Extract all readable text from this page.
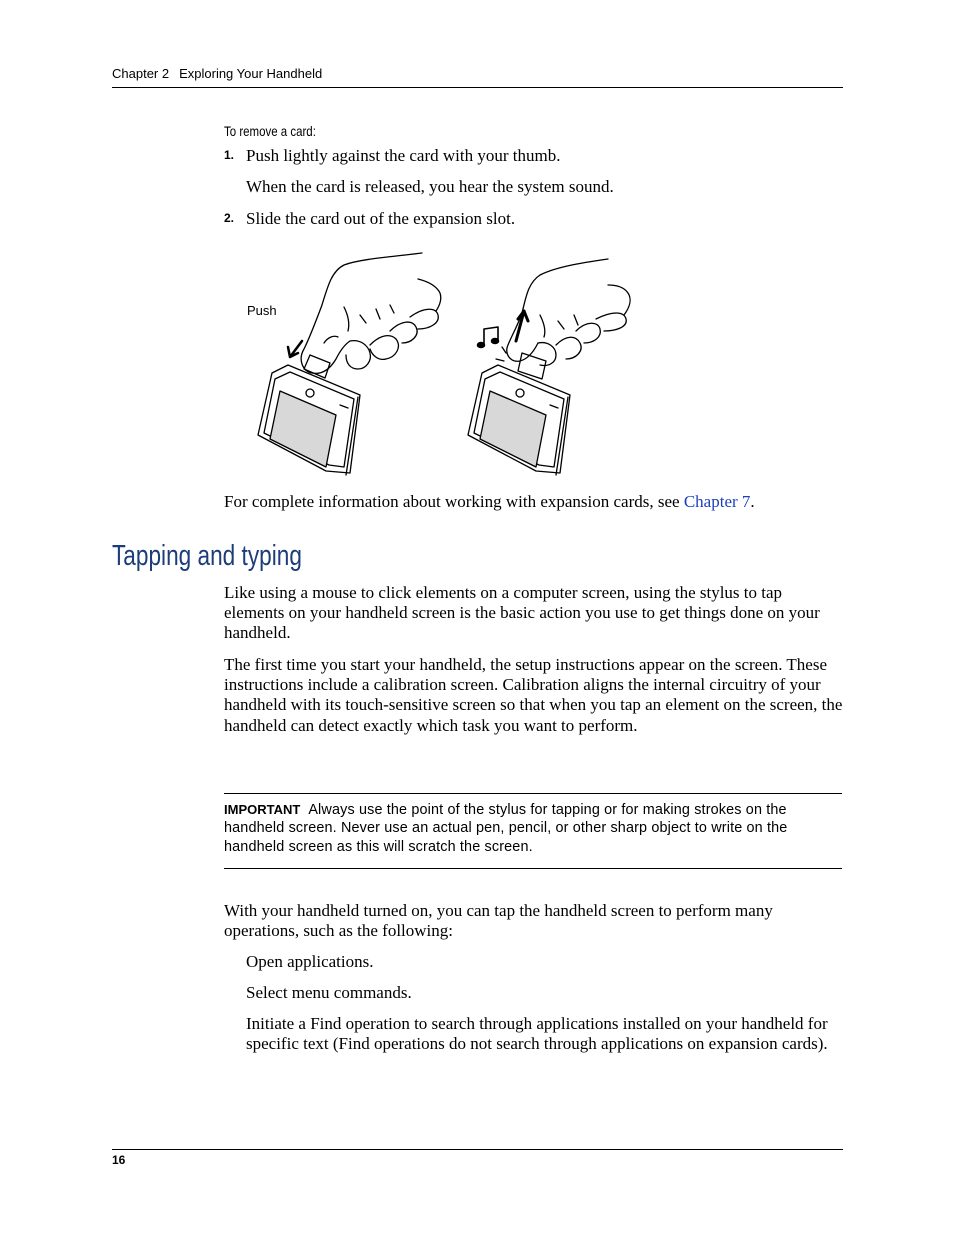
Chapter 2 Exploring Your Handheld
To remove a card:
1. Push lightly against the card with your thumb.
When the card is released, you hear the system sound.
2. Slide the card out of the expansion slot.
Push
For complete information about working with expansion cards, see Chapter 7.
Tapping and typing
Like using a mouse to click elements on a computer screen, using the stylus to tap elements on your handheld screen is the basic action you use to get things done on your handheld.
The first time you start your handheld, the setup instructions appear on the screen. These instructions include a calibration screen. Calibration aligns the internal circuitry of your handheld with its touch-sensitive screen so that when you tap an element on the screen, the handheld can detect exactly which task you want to perform.
IMPORTANT Always use the point of the stylus for tapping or for making strokes on the handheld screen. Never use an actual pen, pencil, or other sharp object to write on the handheld screen as this will scratch the screen.
With your handheld turned on, you can tap the handheld screen to perform many operations, such as the following:
Open applications.
Select menu commands.
Initiate a Find operation to search through applications installed on your handheld for specific text (Find operations do not search through applications on expansion cards).
16
